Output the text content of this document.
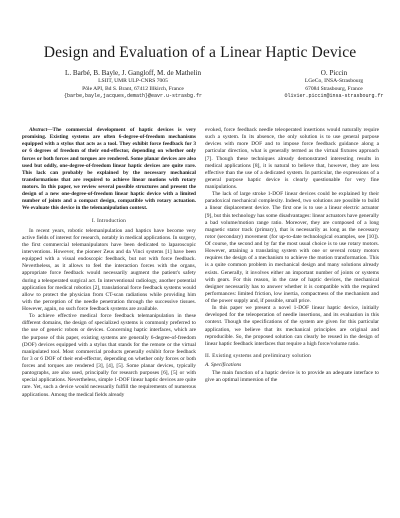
Design and Evaluation of a Linear Haptic Device
L. Barbé, B. Bayle, J. Gangloff, M. de Mathelin
LSIIT, UMR ULP-CNRS 7005
Pôle API, Bd S. Brant, 67412 Illkirch, France
{barbe,bayle,jacques,demath}@eavr.u-strasbg.fr
O. Piccin
LGeCo, INSA-Strasbourg
67084 Strasbourg, France
Olivier.piccin@insa-strasbourg.fr

Abstract—The commercial development of haptic devices is very promising. Existing systems are often 6-degree-of-freedom mechanisms equipped with a stylus that acts as a tool. They exhibit force feedback for 3 or 6 degrees of freedom of their end-effector, depending on whether only forces or both forces and torques are rendered. Some planar devices are also used but oddly, one-degree-of-freedom linear haptic devices are quite rare. This lack can probably be explained by the necessary mechanical transformations that are required to achieve linear motions with rotary motors. In this paper, we review several possible structures and present the design of a new one-degree-of-freedom linear haptic device with a limited number of joints and a compact design, compatible with rotary actuation. We evaluate this device in the telemanipulation context.

I. Introduction

In recent years, robotic telemanipulation and haptics have become very active fields of interest for research, notably in medical applications. In surgery, the first commercial telemanipulators have been dedicated to laparoscopic interventions. However, the pioneer Zeus and da Vinci systems [1] have been equipped with a visual endoscopic feedback, but not with force feedback. Nevertheless, as it allows to feel the interaction forces with the organs, appropriate force feedback would necessarily augment the patient's safety during a teleoperated surgical act. In interventional radiology, another potential application for medical robotics [2], translational force feedback systems would allow to protect the physician from CT-scan radiations while providing him with the perception of the needle penetration through the successive tissues. However, again, no such force feedback systems are available.

To achieve effective medical force feedback telemanipulation in these different domains, the design of specialized systems is commonly preferred to the use of generic robots or devices. Concerning haptic interfaces, which are the purpose of this paper, existing systems are generally 6-degree-of-freedom (DOF) devices equipped with a stylus that stands for the remote or the virtual manipulated tool. Most commercial products generally exhibit force feedback for 3 or 6 DOF of their end-effector, depending on whether only forces or both forces and torques are rendered [3], [4], [5]. Some planar devices, typically pantographs, are also used, principally for research purposes [6], [5] or with special applications. Nevertheless, simple 1-DOF linear haptic devices are quite rare. Yet, such a device would necessarily fulfill the requirements of numerous applications. Among the medical fields already

evoked, force feedback needle teleoperated insertions would naturally require such a system. In its absence, the only solution is to use general purpose devices with more DOF and to impose force feedback guidance along a particular direction, what is generally termed as the virtual fixtures approach [7]. Though these techniques already demonstrated interesting results in medical applications [8], it is natural to believe that, however, they are less effective than the use of a dedicated system. In particular, the expressions of a general purpose haptic device is clearly questionable for very fine manipulations.

The lack of large stroke 1-DOF linear devices could be explained by their paradoxical mechanical complexity. Indeed, two solutions are possible to build a linear displacement device. The first one is to use a linear electric actuator [9], but this technology has some disadvantages: linear actuators have generally a bad volume/motion range ratio. Moreover, they are composed of a long magnetic stator track (primary), that is necessarily as long as the necessary rotor (secondary) movement (for up-to-date technological examples, see [10]). Of course, the second and by far the most usual choice is to use rotary motors. However, attaining a translating system with one or several rotary motors requires the design of a mechanism to achieve the motion transformation. This is a quite common problem in mechanical design and many solutions already exists. Generally, it involves either an important number of joints or systems with gears. For this reason, in the case of haptic devices, the mechanical designer necessarily has to answer whether it is compatible with the required performances: limited friction, low inertia, compactness of the mechanism and of the power supply and, if possible, small price.

In this paper we present a novel 1-DOF linear haptic device, initially developed for the teleoperation of needle insertions, and its evaluation in this context. Though the specifications of the system are given for this particular application, we believe that its mechanical principles are original and reproducible. So, the proposed solution can clearly be reused in the design of linear haptic feedback interfaces that require a high force/volume ratio.

II. Existing systems and preliminary solution
A. Specifications

The main function of a haptic device is to provide an adequate interface to give an optimal immersion of the
